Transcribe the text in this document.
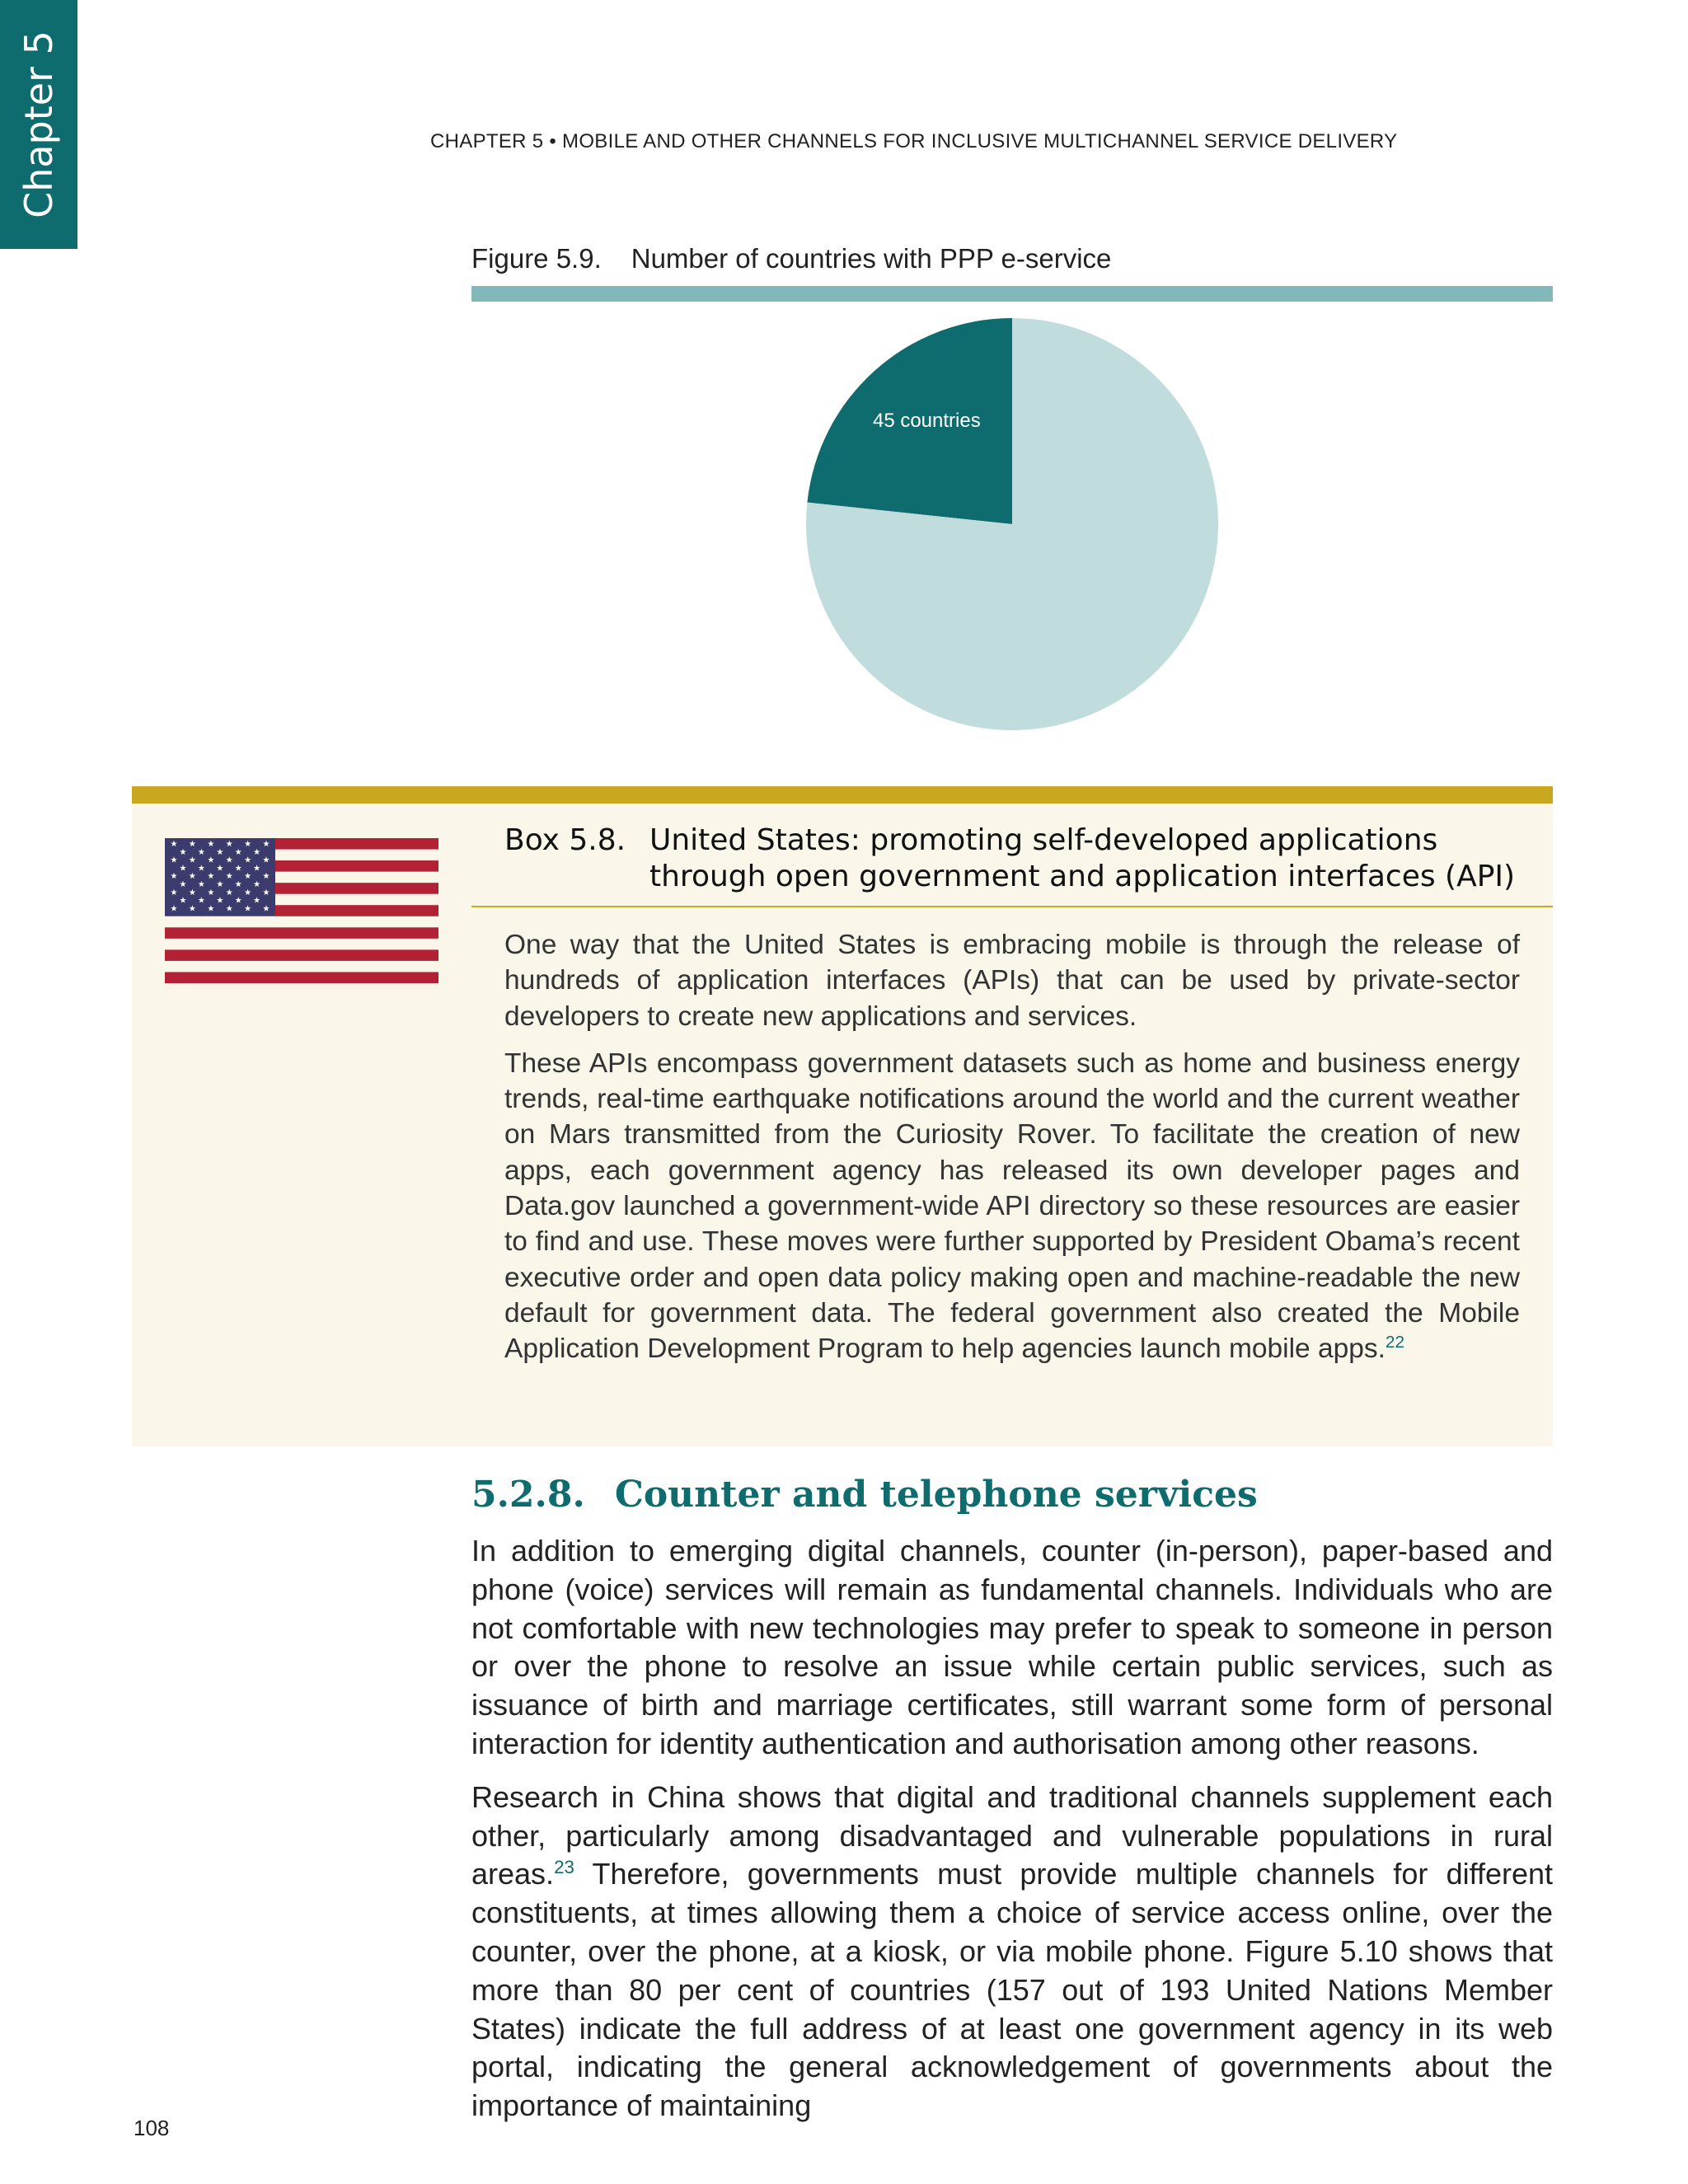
Chapter 5	CHAPTER 5 • MOBILE AND OTHER CHANNELS FOR INCLUSIVE MULTICHANNEL SERVICE DELIVERY
Figure 5.9. Number of countries with PPP e-service
45 countries
★ ★ ★ ★ ★ ★
★ ★ ★ ★ ★
★ ★ ★ ★ ★ ★
★ ★ ★ ★ ★
★ ★ ★ ★ ★ ★
★ ★ ★ ★ ★
★ ★ ★ ★ ★ ★
★ ★ ★ ★ ★
★ ★ ★ ★ ★ ★
Box 5.8. United States: promoting self-developed applications through open government and application interfaces (API)

One way that the United States is embracing mobile is through the release of hundreds of application interfaces (APIs) that can be used by private-sector developers to create new applications and services.

These APIs encompass government datasets such as home and business energy trends, real-time earthquake notifications around the world and the current weather on Mars transmitted from the Curiosity Rover. To facilitate the creation of new apps, each government agency has released its own developer pages and Data.gov launched a government-wide API directory so these resources are easier to find and use. These moves were further supported by President Obama’s recent executive order and open data policy making open and machine-readable the new default for government data. The federal government also created the Mobile Application Development Program to help agencies launch mobile apps.$^{22}$

5.2.8. Counter and telephone services

In addition to emerging digital channels, counter (in-person), paper-based and phone (voice) services will remain as fundamental channels. Individuals who are not comfortable with new technologies may prefer to speak to someone in person or over the phone to resolve an issue while certain public services, such as issuance of birth and marriage certificates, still warrant some form of personal interaction for identity authentication and authorisation among other reasons.

Research in China shows that digital and traditional channels supplement each other, particularly among disadvantaged and vulnerable populations in rural areas.$^{23}$ Therefore, governments must provide multiple channels for different constituents, at times allowing them a choice of service access online, over the counter, over the phone, at a kiosk, or via mobile phone. Figure 5.10 shows that more than 80 per cent of countries (157 out of 193 United Nations Member States) indicate the full address of at least one government agency in its web portal, indicating the general acknowledgement of governments about the importance of maintaining

108
